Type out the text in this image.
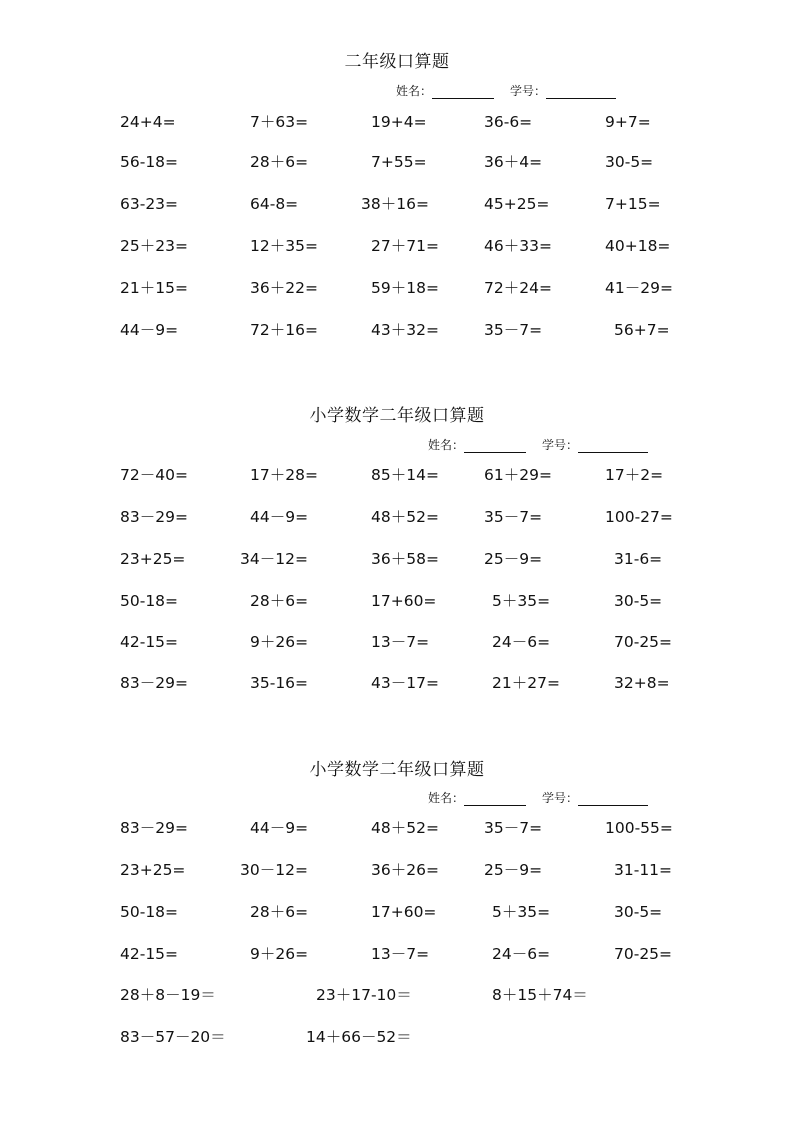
二年级口算题
姓名：	学号：
24+4=	7＋63=	19+4=	36-6=	9+7=
56-18=	28＋6=	7+55=	36＋4=	30-5=
63-23=	64-8=	38＋16=	45+25=	7+15=
25＋23=	12＋35=	27＋71=	46＋33=	40+18=
21＋15=	36＋22=	59＋18=	72＋24=	41－29=
44－9=	72＋16=	43＋32=	35－7=	56+7=
小学数学二年级口算题
姓名：	学号：
72－40=	17＋28=	85＋14=	61＋29=	17＋2=
83－29=	44－9=	48＋52=	35－7=	100-27=
23+25=	34－12=	36＋58=	25－9=	31-6=
50-18=	28＋6=	17+60=	5＋35=	30-5=
42-15=	9＋26=	13－7=	24－6=	70-25=
83－29=	35-16=	43－17=	21＋27=	32+8=
小学数学二年级口算题
姓名：	学号：
83－29=	44－9=	48＋52=	35－7=	100-55=
23+25=	30－12=	36＋26=	25－9=	31-11=
50-18=	28＋6=	17+60=	5＋35=	30-5=
42-15=	9＋26=	13－7=	24－6=	70-25=
28＋8－19＝	23＋17-10＝	8＋15＋74＝
83－57－20＝	14＋66－52＝
